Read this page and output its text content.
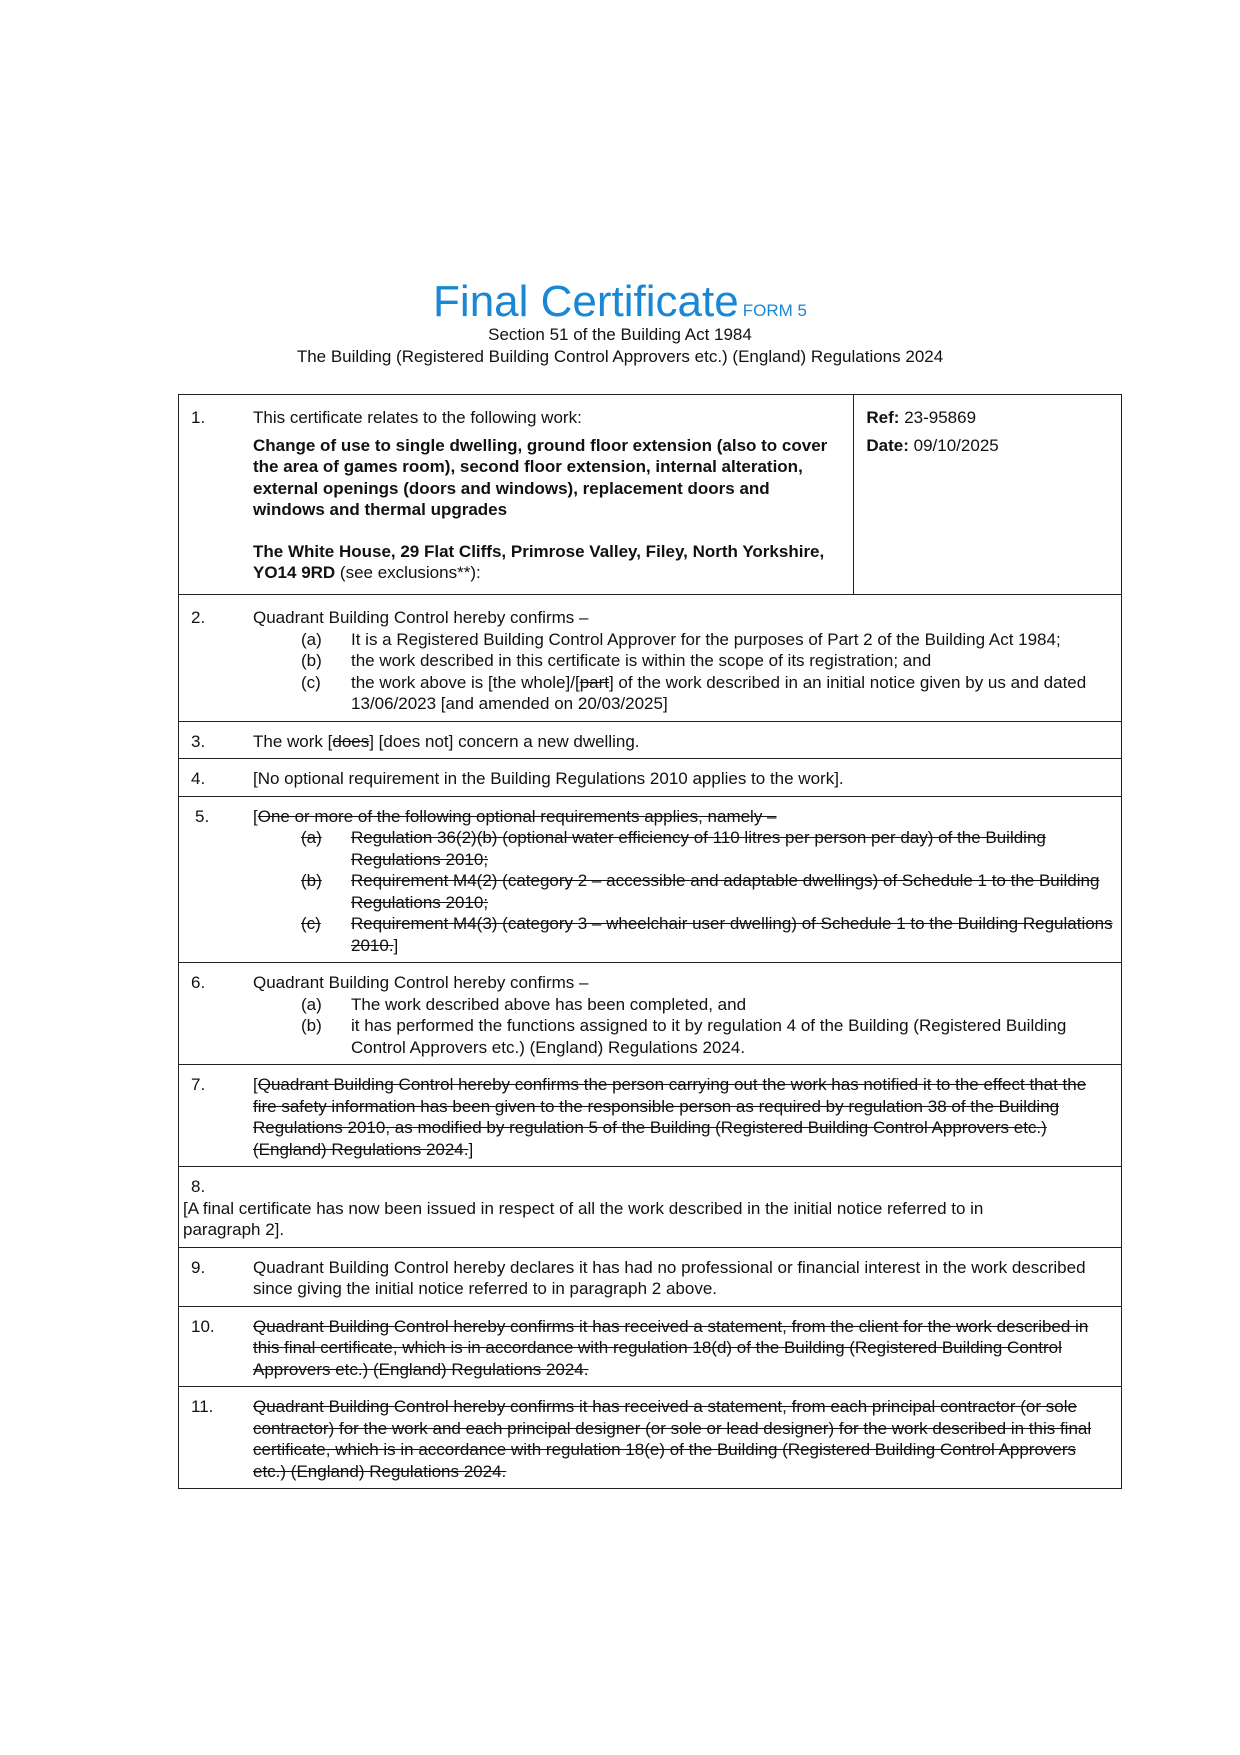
Final Certificate FORM 5
Section 51 of the Building Act 1984
The Building (Registered Building Control Approvers etc.) (England) Regulations 2024
1.	This certificate relates to the following work:
Change of use to single dwelling, ground floor extension (also to cover the area of games room), second floor extension, internal alteration, external openings (doors and windows), replacement doors and windows and thermal upgrades
The White House, 29 Flat Cliffs, Primrose Valley, Filey, North Yorkshire, YO14 9RD (see exclusions**):

Ref: 23-95869
Date: 09/10/2025

2.	Quadrant Building Control hereby confirms –
(a)	It is a Registered Building Control Approver for the purposes of Part 2 of the Building Act 1984;
(b)	the work described in this certificate is within the scope of its registration; and
(c)	the work above is [the whole]/[part] of the work described in an initial notice given by us and dated 13/06/2023 [and amended on 20/03/2025]

3.	The work [does] [does not] concern a new dwelling.
4.	[No optional requirement in the Building Regulations 2010 applies to the work].
5.	[One or more of the following optional requirements applies, namely –
(a)	Regulation 36(2)(b) (optional water efficiency of 110 litres per person per day) of the Building Regulations 2010;
(b)	Requirement M4(2) (category 2 – accessible and adaptable dwellings) of Schedule 1 to the Building Regulations 2010;
(c)	Requirement M4(3) (category 3 – wheelchair user dwelling) of Schedule 1 to the Building Regulations 2010.]

6.	Quadrant Building Control hereby confirms –
(a)	The work described above has been completed, and
(b)	it has performed the functions assigned to it by regulation 4 of the Building (Registered Building Control Approvers etc.) (England) Regulations 2024.

7.	[Quadrant Building Control hereby confirms the person carrying out the work has notified it to the effect that the fire safety information has been given to the responsible person as required by regulation 38 of the Building Regulations 2010, as modified by regulation 5 of the Building (Registered Building Control Approvers etc.) (England) Regulations 2024.]
8.[A final certificate has now been issued in respect of all the work described in the initial notice referred to in paragraph 2].
9.	Quadrant Building Control hereby declares it has had no professional or financial interest in the work described since giving the initial notice referred to in paragraph 2 above.
10. Quadrant Building Control hereby confirms it has received a statement, from the client for the work described in this final certificate, which is in accordance with regulation 18(d) of the Building (Registered Building Control Approvers etc.) (England) Regulations 2024.
11. Quadrant Building Control hereby confirms it has received a statement, from each principal contractor (or sole contractor) for the work and each principal designer (or sole or lead designer) for the work described in this final certificate, which is in accordance with regulation 18(e) of the Building (Registered Building Control Approvers etc.) (England) Regulations 2024.
